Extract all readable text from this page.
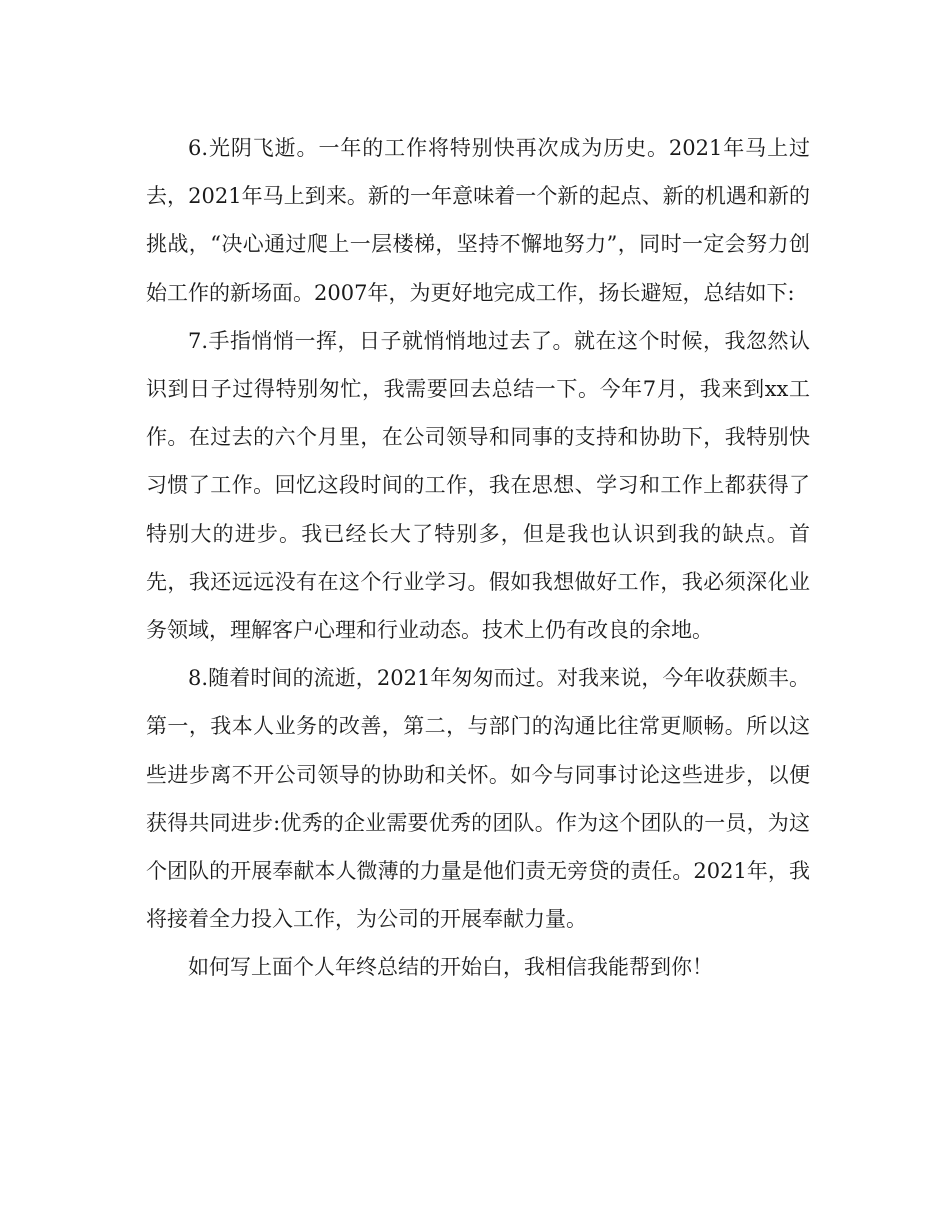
6.光阴飞逝。一年的工作将特别快再次成为历史。2021年马上过去，2021年马上到来。新的一年意味着一个新的起点、新的机遇和新的挑战，“决心通过爬上一层楼梯，坚持不懈地努力”，同时一定会努力创始工作的新场面。2007年，为更好地完成工作，扬长避短，总结如下:

7.手指悄悄一挥，日子就悄悄地过去了。就在这个时候，我忽然认识到日子过得特别匆忙，我需要回去总结一下。今年7月，我来到xx工作。在过去的六个月里，在公司领导和同事的支持和协助下，我特别快习惯了工作。回忆这段时间的工作，我在思想、学习和工作上都获得了特别大的进步。我已经长大了特别多，但是我也认识到我的缺点。首先，我还远远没有在这个行业学习。假如我想做好工作，我必须深化业务领域，理解客户心理和行业动态。技术上仍有改良的余地。

8.随着时间的流逝，2021年匆匆而过。对我来说，今年收获颇丰。第一，我本人业务的改善，第二，与部门的沟通比往常更顺畅。所以这些进步离不开公司领导的协助和关怀。如今与同事讨论这些进步，以便获得共同进步:优秀的企业需要优秀的团队。作为这个团队的一员，为这个团队的开展奉献本人微薄的力量是他们责无旁贷的责任。2021年，我将接着全力投入工作，为公司的开展奉献力量。

如何写上面个人年终总结的开始白，我相信我能帮到你！
